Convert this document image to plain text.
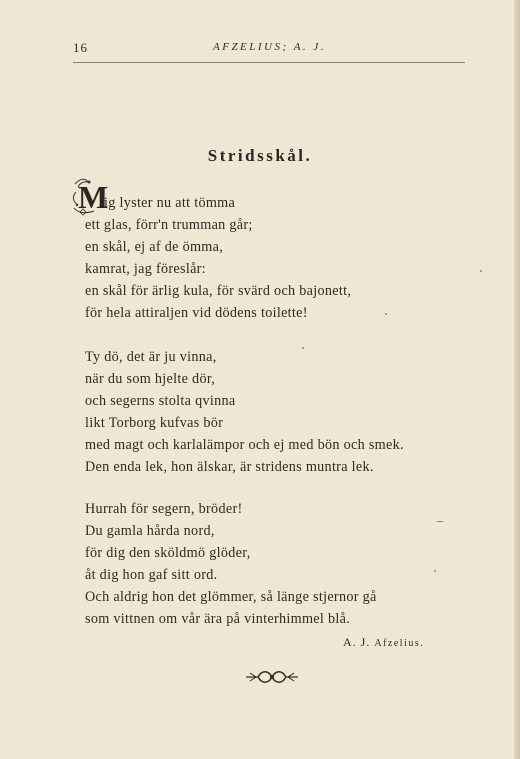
16	AFZELIUS; A. J.
Stridsskål.
M
ig lyster nu att tömma
ett glas, förr'n trumman går;
en skål, ej af de ömma,
kamrat, jag föreslår:
en skål för ärlig kula, för svärd och bajonett,
för hela attiraljen vid dödens toilette!
Ty dö, det är ju vinna,
när du som hjelte dör,
och segerns stolta qvinna
likt Torborg kufvas bör
med magt och karlalämpor och ej med bön och smek.
Den enda lek, hon älskar, är stridens muntra lek.
Hurrah för segern, bröder!
Du gamla hårda nord,
för dig den sköldmö glöder,
åt dig hon gaf sitt ord.
Och aldrig hon det glömmer, så länge stjernor gå
som vittnen om vår ära på vinterhimmel blå.
A. J. Afzelius.
